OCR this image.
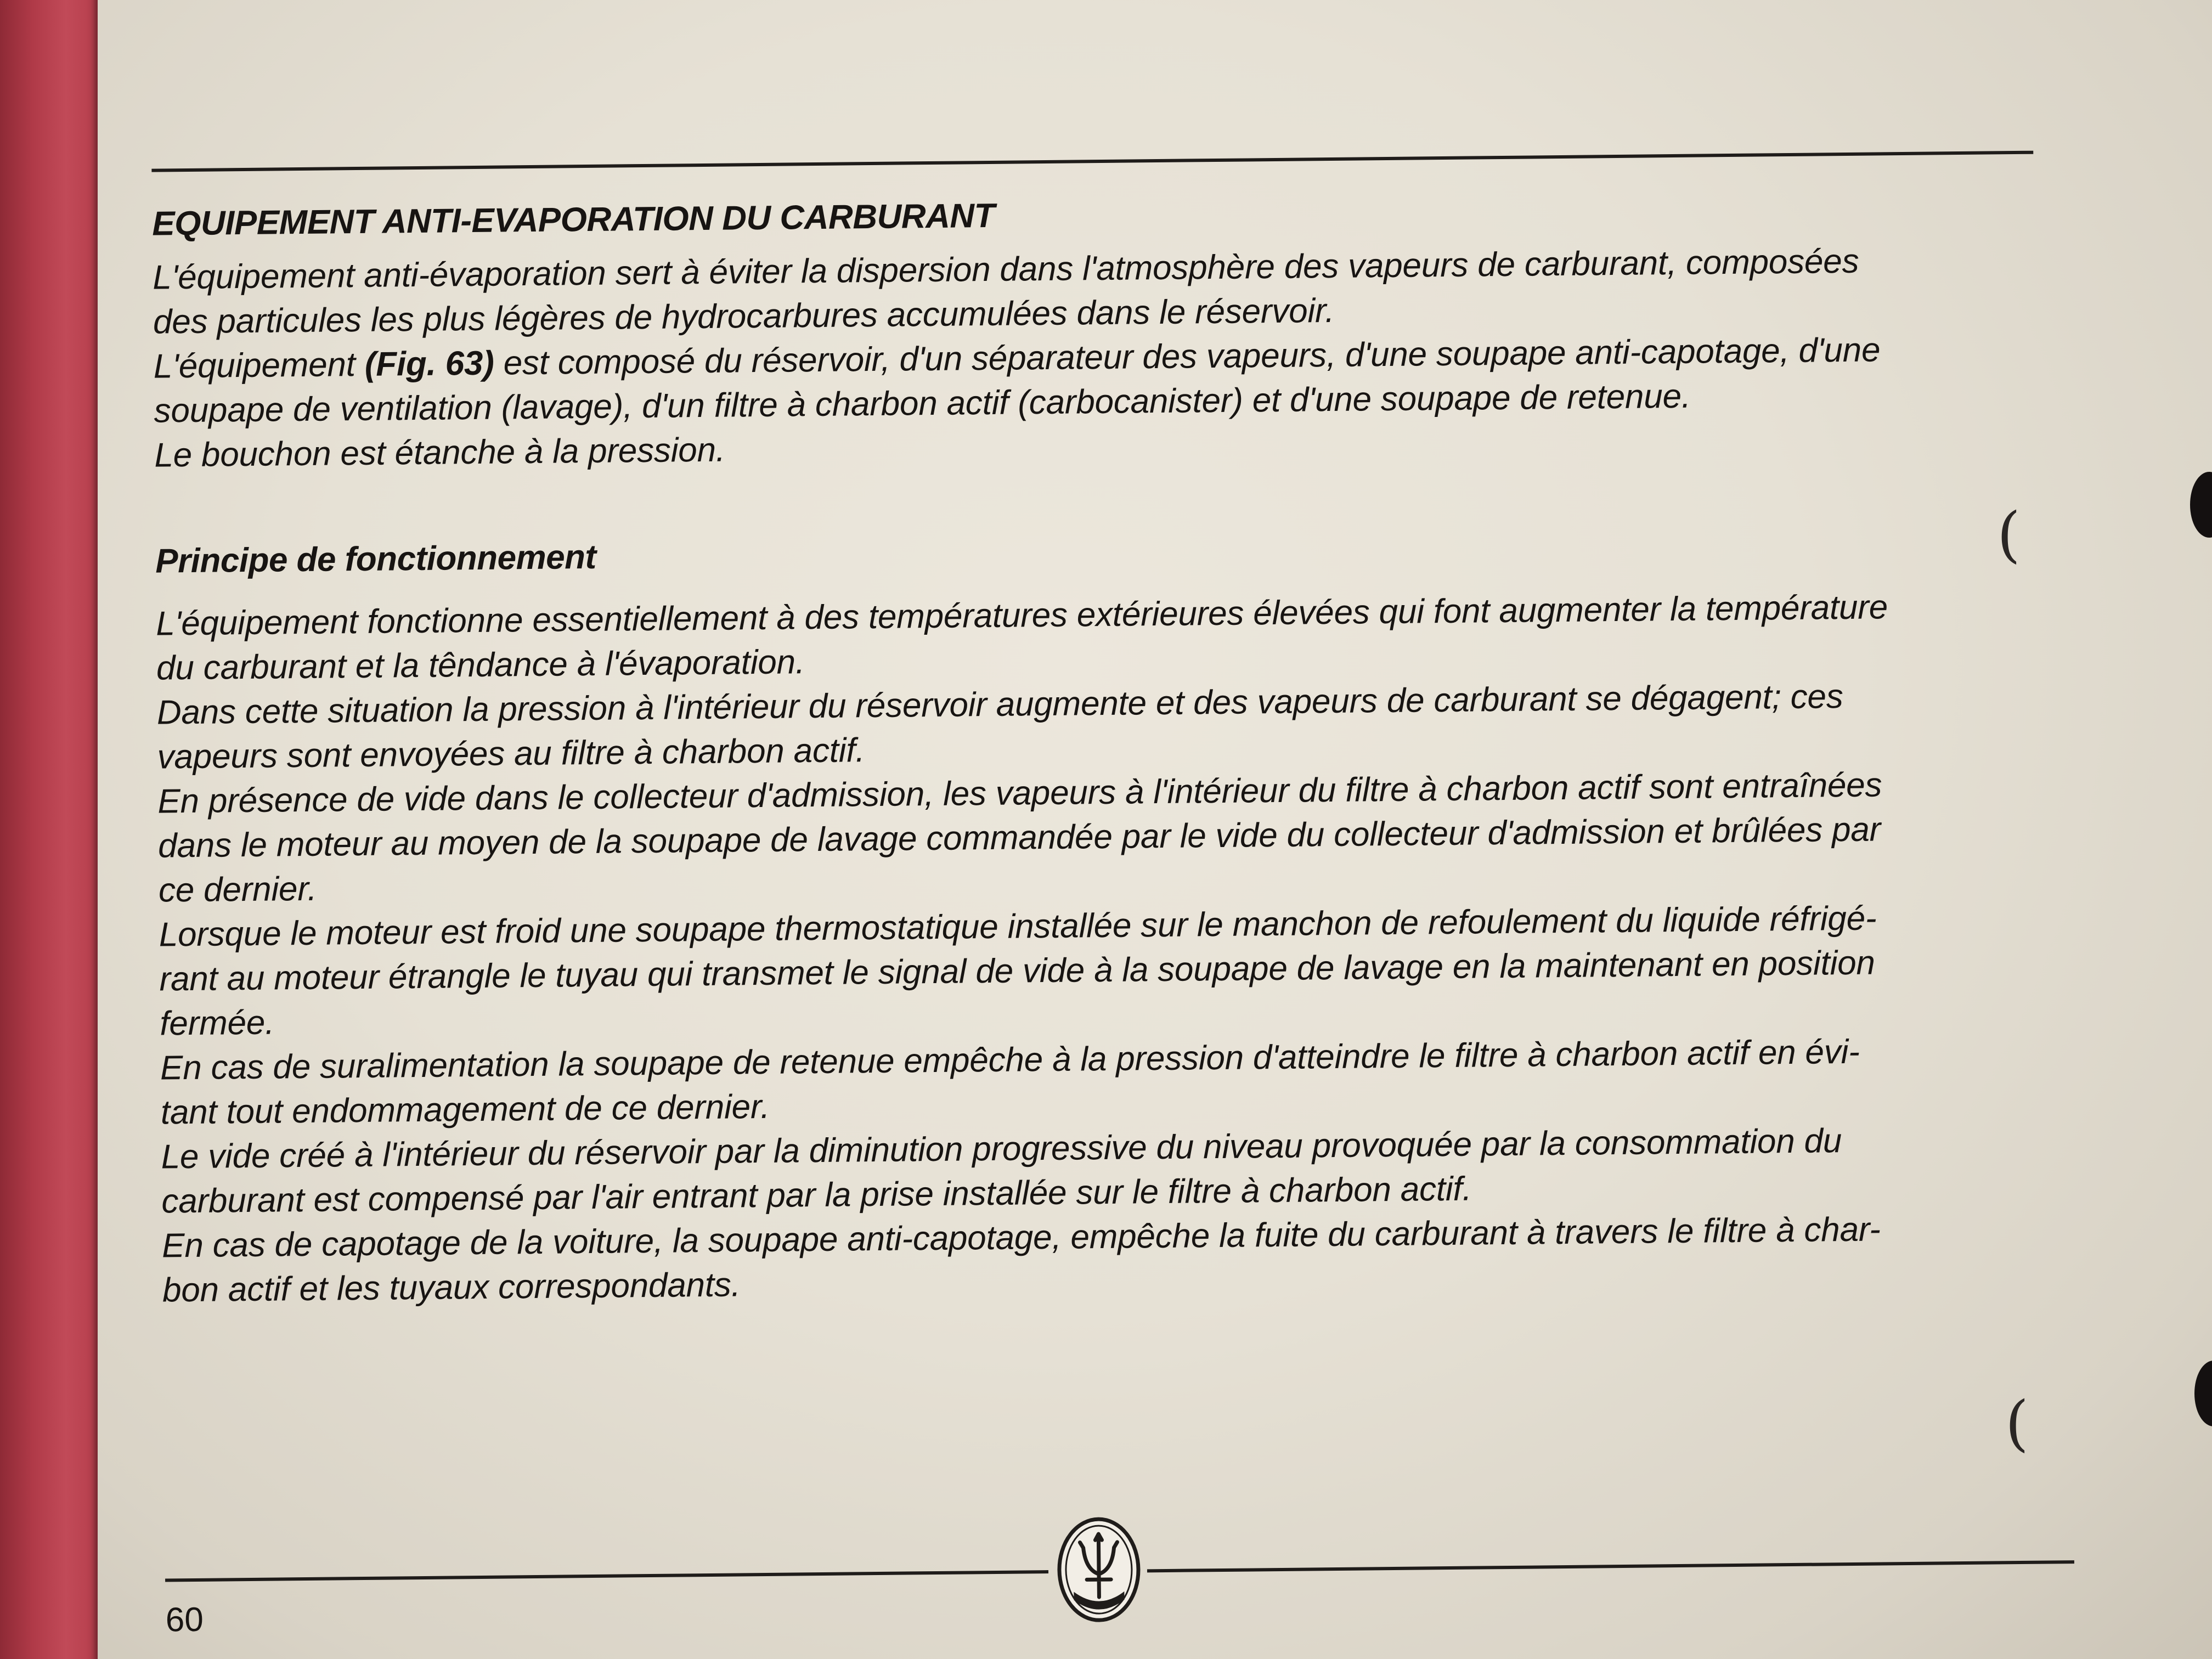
EQUIPEMENT ANTI-EVAPORATION DU CARBURANT

L'équipement anti-évaporation sert à éviter la dispersion dans l'atmosphère des vapeurs de carburant, composées

des particules les plus légères de hydrocarbures accumulées dans le réservoir.

L'équipement (Fig. 63) est composé du réservoir, d'un séparateur des vapeurs, d'une soupape anti-capotage, d'une

soupape de ventilation (lavage), d'un filtre à charbon actif (carbocanister) et d'une soupape de retenue.

Le bouchon est étanche à la pression.

Principe de fonctionnement

L'équipement fonctionne essentiellement à des températures extérieures élevées qui font augmenter la température

du carburant et la têndance à l'évaporation.

Dans cette situation la pression à l'intérieur du réservoir augmente et des vapeurs de carburant se dégagent; ces

vapeurs sont envoyées au filtre à charbon actif.

En présence de vide dans le collecteur d'admission, les vapeurs à l'intérieur du filtre à charbon actif sont entraînées

dans le moteur au moyen de la soupape de lavage commandée par le vide du collecteur d'admission et brûlées par

ce dernier.

Lorsque le moteur est froid une soupape thermostatique installée sur le manchon de refoulement du liquide réfrigé-

rant au moteur étrangle le tuyau qui transmet le signal de vide à la soupape de lavage en la maintenant en position

fermée.

En cas de suralimentation la soupape de retenue empêche à la pression d'atteindre le filtre à charbon actif en évi-

tant tout endommagement de ce dernier.

Le vide créé à l'intérieur du réservoir par la diminution progressive du niveau provoquée par la consommation du

carburant est compensé par l'air entrant par la prise installée sur le filtre à charbon actif.

En cas de capotage de la voiture, la soupape anti-capotage, empêche la fuite du carburant à travers le filtre à char-

bon actif et les tuyaux correspondants.

60
(
(
